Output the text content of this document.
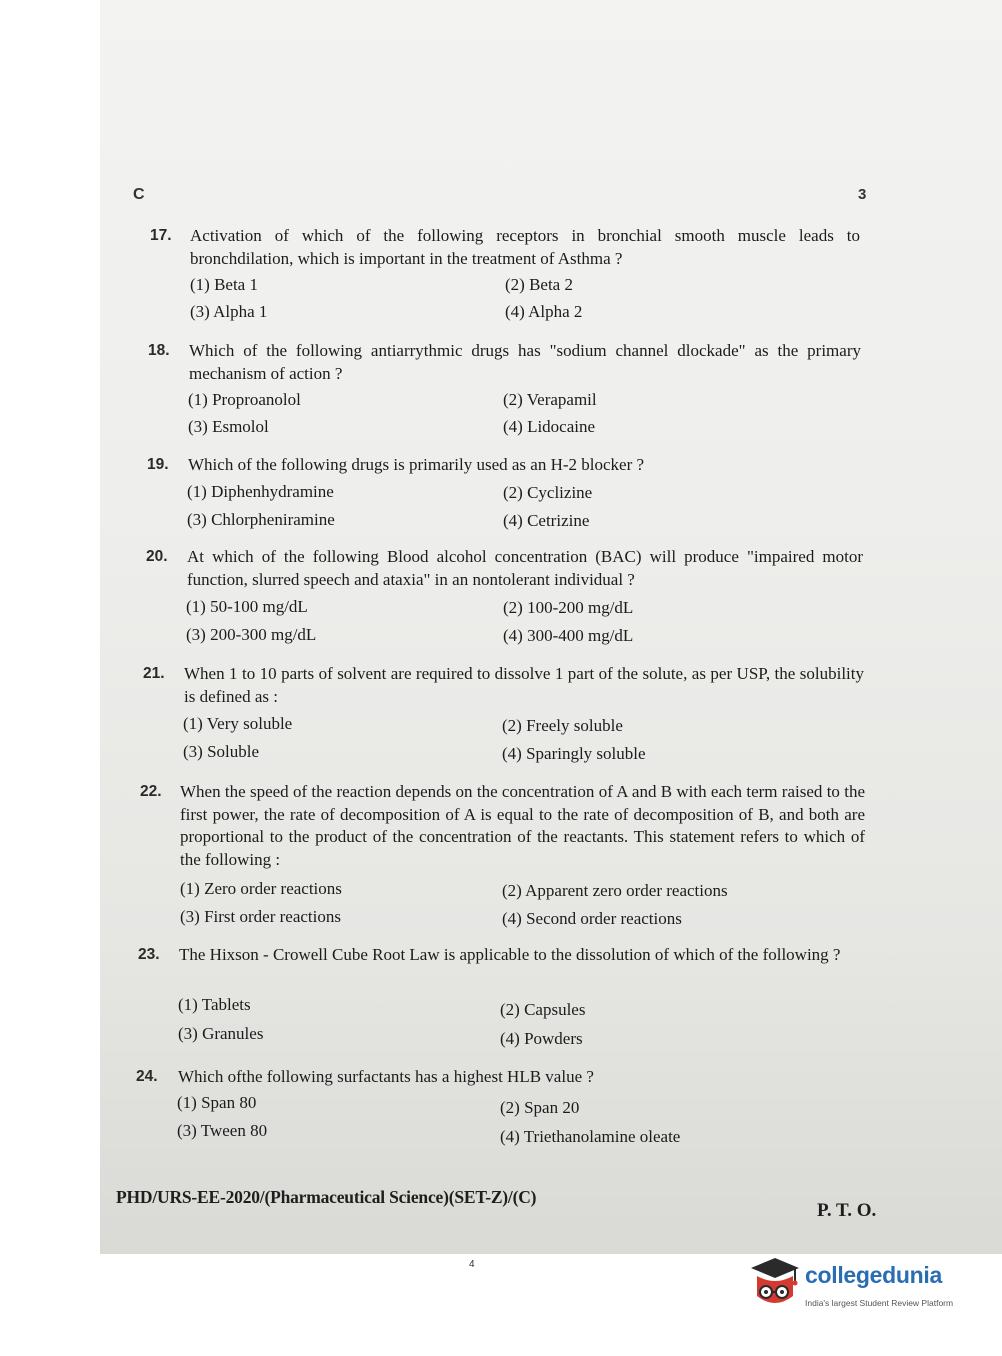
C	3
17. Activation of which of the following receptors in bronchial smooth muscle leads to bronchdilation, which is important in the treatment of Asthma ?
(1) Beta 1	(2) Beta 2
(3) Alpha 1	(4) Alpha 2
18. Which of the following antiarrythmic drugs has "sodium channel dlockade" as the primary mechanism of action ?
(1) Proproanolol	(2) Verapamil
(3) Esmolol	(4) Lidocaine
19. Which of the following drugs is primarily used as an H-2 blocker ?
(1) Diphenhydramine	(2) Cyclizine
(3) Chlorpheniramine	(4) Cetrizine
20. At which of the following Blood alcohol concentration (BAC) will produce "impaired motor function, slurred speech and ataxia" in an nontolerant individual ?
(1) 50-100 mg/dL	(2) 100-200 mg/dL
(3) 200-300 mg/dL	(4) 300-400 mg/dL
21. When 1 to 10 parts of solvent are required to dissolve 1 part of the solute, as per USP, the solubility is defined as :
(1) Very soluble	(2) Freely soluble
(3) Soluble	(4) Sparingly soluble
22. When the speed of the reaction depends on the concentration of A and B with each term raised to the first power, the rate of decomposition of A is equal to the rate of decomposition of B, and both are proportional to the product of the concentration of the reactants. This statement refers to which of the following :
(1) Zero order reactions	(2) Apparent zero order reactions
(3) First order reactions	(4) Second order reactions
23. The Hixson - Crowell Cube Root Law is applicable to the dissolution of which of the following ?
(1) Tablets	(2) Capsules
(3) Granules	(4) Powders
24. Which ofthe following surfactants has a highest HLB value ?
(1) Span 80	(2) Span 20
(3) Tween 80	(4) Triethanolamine oleate
PHD/URS-EE-2020/(Pharmaceutical Science)(SET-Z)/(C)
P. T. O.
4	collegedunia
India's largest Student Review Platform
